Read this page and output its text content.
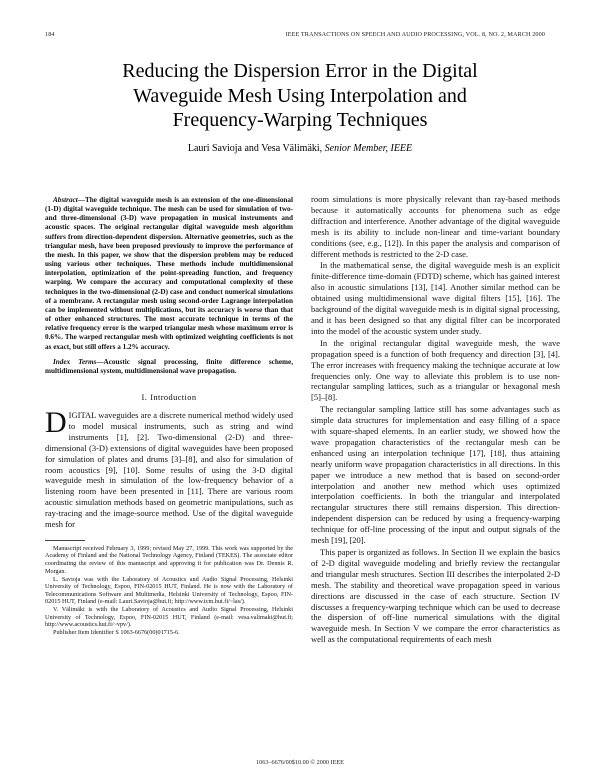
184	IEEE TRANSACTIONS ON SPEECH AND AUDIO PROCESSING, VOL. 8, NO. 2, MARCH 2000
Reducing the Dispersion Error in the Digital
Waveguide Mesh Using Interpolation and
Frequency-Warping Techniques
Lauri Savioja and Vesa Välimäki, Senior Member, IEEE

Abstract—The digital waveguide mesh is an extension of the one-dimensional (1-D) digital waveguide technique. The mesh can be used for simulation of two- and three-dimensional (3-D) wave propagation in musical instruments and acoustic spaces. The original rectangular digital waveguide mesh algorithm suffers from direction-dependent dispersion. Alternative geometries, such as the triangular mesh, have been proposed previously to improve the performance of the mesh. In this paper, we show that the dispersion problem may be reduced using various other techniques. These methods include multidimensional interpolation, optimization of the point-spreading function, and frequency warping. We compare the accuracy and computational complexity of these techniques in the two-dimensional (2-D) case and conduct numerical simulations of a membrane. A rectangular mesh using second-order Lagrange interpolation can be implemented without multiplications, but its accuracy is worse than that of other enhanced structures. The most accurate technique in terms of the relative frequency error is the warped triangular mesh whose maximum error is 0.6%. The warped rectangular mesh with optimized weighting coefficients is not as exact, but still offers a 1.2% accuracy.

Index Terms—Acoustic signal processing, finite difference scheme, multidimensional system, multidimensional wave propagation.

I. Introduction

DIGITAL waveguides are a discrete numerical method widely used to model musical instruments, such as string and wind instruments [1], [2]. Two-dimensional (2-D) and three-dimensional (3-D) extensions of digital waveguides have been proposed for simulation of plates and drums [3]–[8], and also for simulation of room acoustics [9], [10]. Some results of using the 3-D digital waveguide mesh in simulation of the low-frequency behavior of a listening room have been presented in [11]. There are various room acoustic simulation methods based on geometric manipulations, such as ray-tracing and the image-source method. Use of the digital waveguide mesh for

Manuscript received February 3, 1999; revised May 27, 1999. This work was supported by the Academy of Finland and the National Technology Agency, Finland (TEKES). The associate editor coordinating the review of this manuscript and approving it for publication was Dr. Dennis R. Morgan.

L. Savioja was with the Laboratory of Acoustics and Audio Signal Processing, Helsinki University of Technology, Espoo, FIN-02015 HUT, Finland. He is now with the Laboratory of Telecommunications Software and Multimedia, Helsinki University of Technology, Espoo, FIN-02015 HUT, Finland (e-mail: Lauri.Savioja@hut.fi; http://www.tcm.hut.fi/~las/).

V. Välimäki is with the Laboratory of Acoustics and Audio Signal Processing, Helsinki University of Technology, Espoo, FIN-02015 HUT, Finland (e-mail: vesa.valimaki@hut.fi; http://www.acoustics.hut.fi/~vpv/).

Publisher Item Identifier S 1063-6676(00)01715-6.

room simulations is more physically relevant than ray-based methods because it automatically accounts for phenomena such as edge diffraction and interference. Another advantage of the digital waveguide mesh is its ability to include non-linear and time-variant boundary conditions (see, e.g., [12]). In this paper the analysis and comparison of different methods is restricted to the 2-D case.

In the mathematical sense, the digital waveguide mesh is an explicit finite-difference time-domain (FDTD) scheme, which has gained interest also in acoustic simulations [13], [14]. Another similar method can be obtained using multidimensional wave digital filters [15], [16]. The background of the digital waveguide mesh is in digital signal processing, and it has been designed so that any digital filter can be incorporated into the model of the acoustic system under study.

In the original rectangular digital waveguide mesh, the wave propagation speed is a function of both frequency and direction [3], [4]. The error increases with frequency making the technique accurate at low frequencies only. One way to alleviate this problem is to use non-rectangular sampling lattices, such as a triangular or hexagonal mesh [5]–[8].

The rectangular sampling lattice still has some advantages such as simple data structures for implementation and easy filling of a space with square-shaped elements. In an earlier study, we showed how the wave propagation characteristics of the rectangular mesh can be enhanced using an interpolation technique [17], [18], thus attaining nearly uniform wave propagation characteristics in all directions. In this paper we introduce a new method that is based on second-order interpolation and another new method which uses optimized interpolation coefficients. In both the triangular and interpolated rectangular structures there still remains dispersion. This direction-independent dispersion can be reduced by using a frequency-warping technique for off-line processing of the input and output signals of the mesh [19], [20].

This paper is organized as follows. In Section II we explain the basics of 2-D digital waveguide modeling and briefly review the rectangular and triangular mesh structures. Section III describes the interpolated 2-D mesh. The stability and theoretical wave propagation speed in various directions are discussed in the case of each structure. Section IV discusses a frequency-warping technique which can be used to decrease the dispersion of off-line numerical simulations with the digital waveguide mesh. In Section V we compare the error characteristics as well as the computational requirements of each mesh

1063–6676/00$10.00 © 2000 IEEE
